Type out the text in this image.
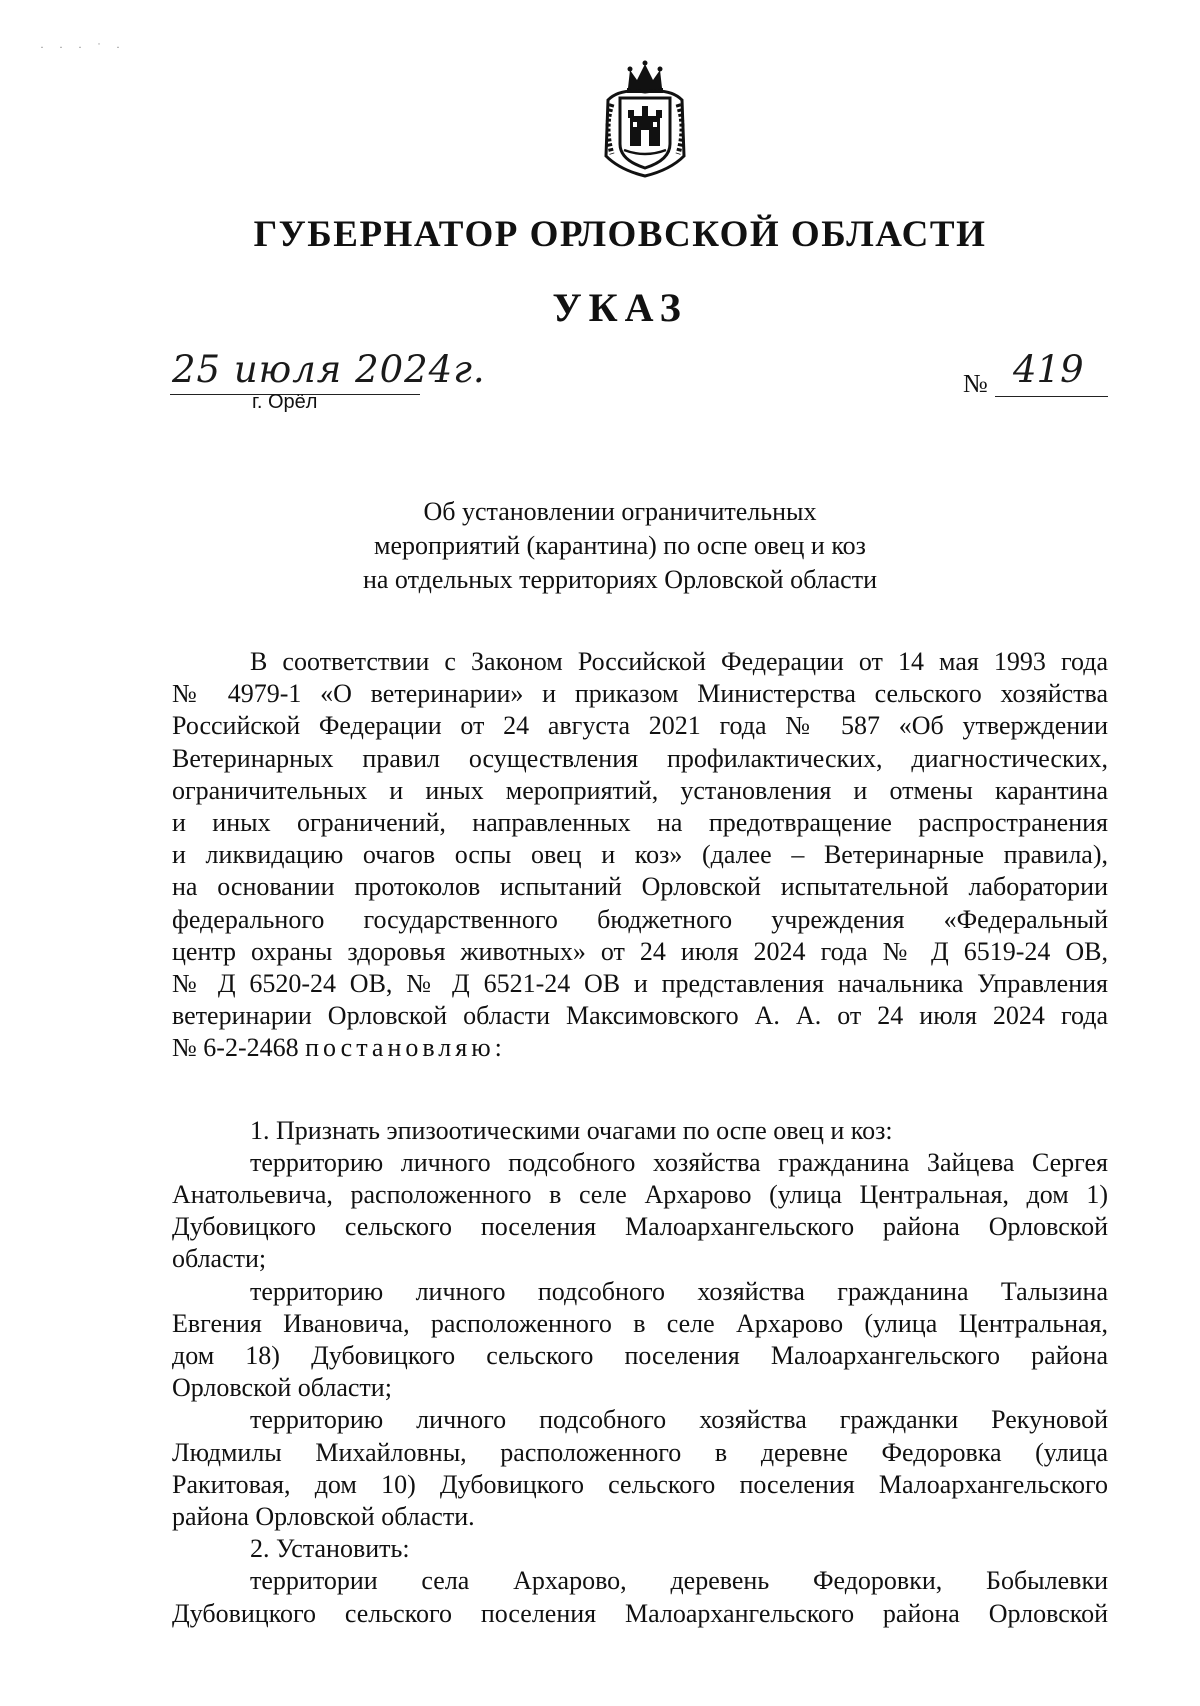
· · · ˙ ·
ГУБЕРНАТОР ОРЛОВСКОЙ ОБЛАСТИ
УКАЗ
25 июля 2024г.
г. Орёл
№ 419
Об установлении ограничительных
мероприятий (карантина) по оспе овец и коз
на отдельных территориях Орловской области
В соответствии с Законом Российской Федерации от 14 мая 1993 года
№ 4979-1 «О ветеринарии» и приказом Министерства сельского хозяйства
Российской Федерации от 24 августа 2021 года № 587 «Об утверждении
Ветеринарных правил осуществления профилактических, диагностических,
ограничительных и иных мероприятий, установления и отмены карантина
и иных ограничений, направленных на предотвращение распространения
и ликвидацию очагов оспы овец и коз» (далее – Ветеринарные правила),
на основании протоколов испытаний Орловской испытательной лаборатории
федерального государственного бюджетного учреждения «Федеральный
центр охраны здоровья животных» от 24 июля 2024 года № Д 6519-24 ОВ,
№ Д 6520-24 ОВ, № Д 6521-24 ОВ и представления начальника Управления
ветеринарии Орловской области Максимовского А. А. от 24 июля 2024 года
№ 6-2-2468 постановляю:
1. Признать эпизоотическими очагами по оспе овец и коз:
территорию личного подсобного хозяйства гражданина Зайцева Сергея
Анатольевича, расположенного в селе Архарово (улица Центральная, дом 1)
Дубовицкого сельского поселения Малоархангельского района Орловской
области;
территорию личного подсобного хозяйства гражданина Талызина
Евгения Ивановича, расположенного в селе Архарово (улица Центральная,
дом 18) Дубовицкого сельского поселения Малоархангельского района
Орловской области;
территорию личного подсобного хозяйства гражданки Рекуновой
Людмилы Михайловны, расположенного в деревне Федоровка (улица
Ракитовая, дом 10) Дубовицкого сельского поселения Малоархангельского
района Орловской области.
2. Установить:
территории села Архарово, деревень Федоровки, Бобылевки
Дубовицкого сельского поселения Малоархангельского района Орловской
